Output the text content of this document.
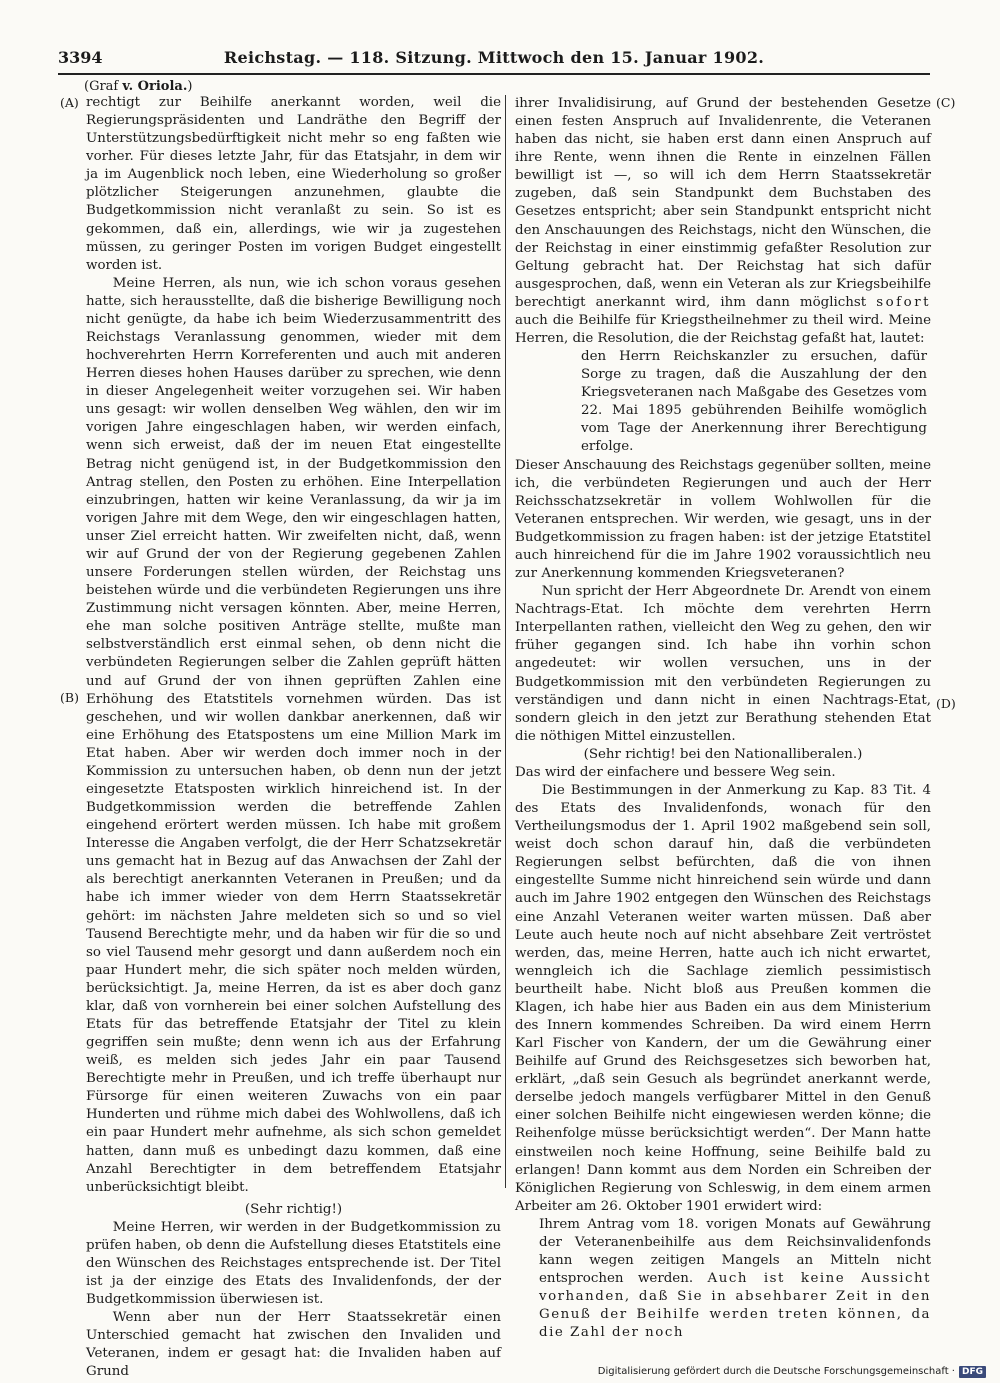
3394	Reichstag. — 118. Sitzung. Mittwoch den 15. Januar 1902.
(Graf v. Oriola.)
(A)
(B)
(C)
(D)

rechtigt zur Beihilfe anerkannt worden, weil die Regierungspräsidenten und Landräthe den Begriff der Unterstützungsbedürftigkeit nicht mehr so eng faßten wie vorher. Für dieses letzte Jahr, für das Etatsjahr, in dem wir ja im Augenblick noch leben, eine Wiederholung so großer plötzlicher Steigerungen anzunehmen, glaubte die Budgetkommission nicht veranlaßt zu sein. So ist es gekommen, daß ein, allerdings, wie wir ja zugestehen müssen, zu geringer Posten im vorigen Budget eingestellt worden ist.

Meine Herren, als nun, wie ich schon voraus gesehen hatte, sich herausstellte, daß die bisherige Bewilligung noch nicht genügte, da habe ich beim Wiederzusammentritt des Reichstags Veranlassung genommen, wieder mit dem hochverehrten Herrn Korreferenten und auch mit anderen Herren dieses hohen Hauses darüber zu sprechen, wie denn in dieser Angelegenheit weiter vorzugehen sei. Wir haben uns gesagt: wir wollen denselben Weg wählen, den wir im vorigen Jahre eingeschlagen haben, wir werden einfach, wenn sich erweist, daß der im neuen Etat eingestellte Betrag nicht genügend ist, in der Budgetkommission den Antrag stellen, den Posten zu erhöhen. Eine Interpellation einzubringen, hatten wir keine Veranlassung, da wir ja im vorigen Jahre mit dem Wege, den wir eingeschlagen hatten, unser Ziel erreicht hatten. Wir zweifelten nicht, daß, wenn wir auf Grund der von der Regierung gegebenen Zahlen unsere Forderungen stellen würden, der Reichstag uns beistehen würde und die verbündeten Regierungen uns ihre Zustimmung nicht versagen könnten. Aber, meine Herren, ehe man solche positiven Anträge stellte, mußte man selbstverständlich erst einmal sehen, ob denn nicht die verbündeten Regierungen selber die Zahlen geprüft hätten und auf Grund der von ihnen geprüften Zahlen eine Erhöhung des Etatstitels vornehmen würden. Das ist geschehen, und wir wollen dankbar anerkennen, daß wir eine Erhöhung des Etatspostens um eine Million Mark im Etat haben. Aber wir werden doch immer noch in der Kommission zu untersuchen haben, ob denn nun der jetzt eingesetzte Etatsposten wirklich hinreichend ist. In der Budgetkommission werden die betreffende Zahlen eingehend erörtert werden müssen. Ich habe mit großem Interesse die Angaben verfolgt, die der Herr Schatzsekretär uns gemacht hat in Bezug auf das Anwachsen der Zahl der als berechtigt anerkannten Veteranen in Preußen; und da habe ich immer wieder von dem Herrn Staatssekretär gehört: im nächsten Jahre meldeten sich so und so viel Tausend Berechtigte mehr, und da haben wir für die so und so viel Tausend mehr gesorgt und dann außerdem noch ein paar Hundert mehr, die sich später noch melden würden, berücksichtigt. Ja, meine Herren, da ist es aber doch ganz klar, daß von vornherein bei einer solchen Aufstellung des Etats für das betreffende Etatsjahr der Titel zu klein gegriffen sein mußte; denn wenn ich aus der Erfahrung weiß, es melden sich jedes Jahr ein paar Tausend Berechtigte mehr in Preußen, und ich treffe überhaupt nur Fürsorge für einen weiteren Zuwachs von ein paar Hunderten und rühme mich dabei des Wohlwollens, daß ich ein paar Hundert mehr aufnehme, als sich schon gemeldet hatten, dann muß es unbedingt dazu kommen, daß eine Anzahl Berechtigter in dem betreffendem Etatsjahr unberücksichtigt bleibt.

(Sehr richtig!)

Meine Herren, wir werden in der Budgetkommission zu prüfen haben, ob denn die Aufstellung dieses Etatstitels eine den Wünschen des Reichstages entsprechende ist. Der Titel ist ja der einzige des Etats des Invalidenfonds, der der Budgetkommission überwiesen ist.

Wenn aber nun der Herr Staatssekretär einen Unterschied gemacht hat zwischen den Invaliden und Veteranen, indem er gesagt hat: die Invaliden haben auf Grund

ihrer Invalidisirung, auf Grund der bestehenden Gesetze einen festen Anspruch auf Invalidenrente, die Veteranen haben das nicht, sie haben erst dann einen Anspruch auf ihre Rente, wenn ihnen die Rente in einzelnen Fällen bewilligt ist —, so will ich dem Herrn Staatssekretär zugeben, daß sein Standpunkt dem Buchstaben des Gesetzes entspricht; aber sein Standpunkt entspricht nicht den Anschauungen des Reichstags, nicht den Wünschen, die der Reichstag in einer einstimmig gefaßter Resolution zur Geltung gebracht hat. Der Reichstag hat sich dafür ausgesprochen, daß, wenn ein Veteran als zur Kriegsbeihilfe berechtigt anerkannt wird, ihm dann möglichst sofort auch die Beihilfe für Kriegstheilnehmer zu theil wird. Meine Herren, die Resolution, die der Reichstag gefaßt hat, lautet:

den Herrn Reichskanzler zu ersuchen, dafür Sorge zu tragen, daß die Auszahlung der den Kriegsveteranen nach Maßgabe des Gesetzes vom 22. Mai 1895 gebührenden Beihilfe womöglich vom Tage der Anerkennung ihrer Berechtigung erfolge.

Dieser Anschauung des Reichstags gegenüber sollten, meine ich, die verbündeten Regierungen und auch der Herr Reichsschatzsekretär in vollem Wohlwollen für die Veteranen entsprechen. Wir werden, wie gesagt, uns in der Budgetkommission zu fragen haben: ist der jetzige Etatstitel auch hinreichend für die im Jahre 1902 voraussichtlich neu zur Anerkennung kommenden Kriegsveteranen?

Nun spricht der Herr Abgeordnete Dr. Arendt von einem Nachtrags-Etat. Ich möchte dem verehrten Herrn Interpellanten rathen, vielleicht den Weg zu gehen, den wir früher gegangen sind. Ich habe ihn vorhin schon angedeutet: wir wollen versuchen, uns in der Budgetkommission mit den verbündeten Regierungen zu verständigen und dann nicht in einen Nachtrags-Etat, sondern gleich in den jetzt zur Berathung stehenden Etat die nöthigen Mittel einzustellen.

(Sehr richtig! bei den Nationalliberalen.)

Das wird der einfachere und bessere Weg sein.

Die Bestimmungen in der Anmerkung zu Kap. 83 Tit. 4 des Etats des Invalidenfonds, wonach für den Vertheilungsmodus der 1. April 1902 maßgebend sein soll, weist doch schon darauf hin, daß die verbündeten Regierungen selbst befürchten, daß die von ihnen eingestellte Summe nicht hinreichend sein würde und dann auch im Jahre 1902 entgegen den Wünschen des Reichstags eine Anzahl Veteranen weiter warten müssen. Daß aber Leute auch heute noch auf nicht absehbare Zeit vertröstet werden, das, meine Herren, hatte auch ich nicht erwartet, wenngleich ich die Sachlage ziemlich pessimistisch beurtheilt habe. Nicht bloß aus Preußen kommen die Klagen, ich habe hier aus Baden ein aus dem Ministerium des Innern kommendes Schreiben. Da wird einem Herrn Karl Fischer von Kandern, der um die Gewährung einer Beihilfe auf Grund des Reichsgesetzes sich beworben hat, erklärt, „daß sein Gesuch als begründet anerkannt werde, derselbe jedoch mangels verfügbarer Mittel in den Genuß einer solchen Beihilfe nicht eingewiesen werden könne; die Reihenfolge müsse berücksichtigt werden“. Der Mann hatte einstweilen noch keine Hoffnung, seine Beihilfe bald zu erlangen! Dann kommt aus dem Norden ein Schreiben der Königlichen Regierung von Schleswig, in dem einem armen Arbeiter am 26. Oktober 1901 erwidert wird:

Ihrem Antrag vom 18. vorigen Monats auf Gewährung der Veteranenbeihilfe aus dem Reichsinvalidenfonds kann wegen zeitigen Mangels an Mitteln nicht entsprochen werden. Auch ist keine Aussicht vorhanden, daß Sie in absehbarer Zeit in den Genuß der Beihilfe werden treten können, da die Zahl der noch

Digitalisierung gefördert durch die Deutsche Forschungsgemeinschaft · DFG
